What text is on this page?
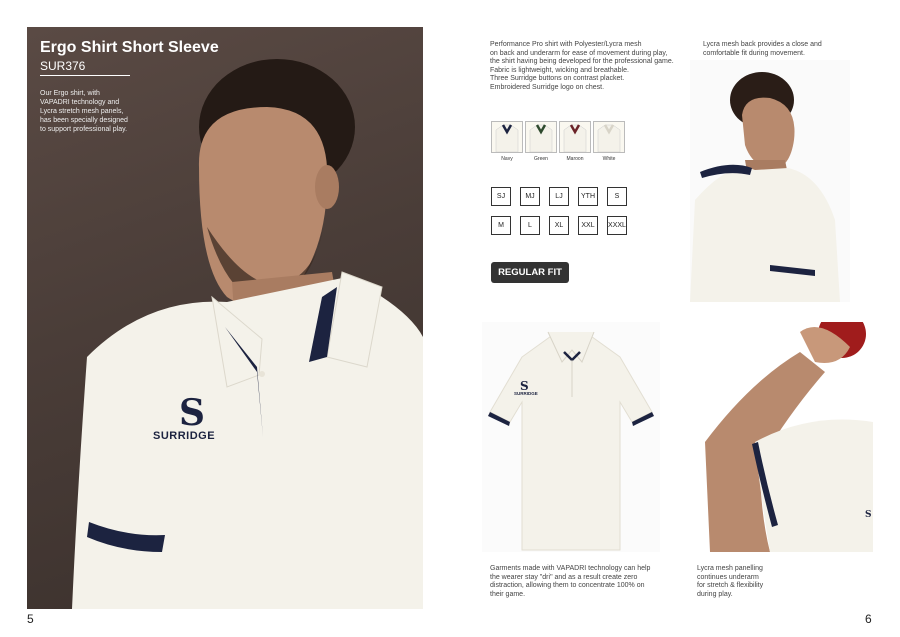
S
Ergo Shirt Short Sleeve
SUR376
Our Ergo shirt, with
VAPADRI technology and
Lycra stretch mesh panels,
has been specially designed
to support professional play.
SURRIDGE
5
Performance Pro shirt with Polyester/Lycra mesh
on back and underarm for ease of movement during play,
the shirt having being developed for the professional game.
Fabric is lightweight, wicking and breathable.
Three Surridge buttons on contrast placket.
Embroidered Surridge logo on chest.
Lycra mesh back provides a close and
comfortable fit during movement.
Navy	Green	Maroon	White
SJ	MJ	LJ	YTH	S
M	L	XL	XXL	XXXL
REGULAR FIT
S
SURRIDGE
Garments made with VAPADRI technology can help
the wearer stay "dri" and as a result create zero
distraction, allowing them to concentrate 100% on
their game.
S
Lycra mesh panelling
continues underarm
for stretch & flexibility
during play.
6
